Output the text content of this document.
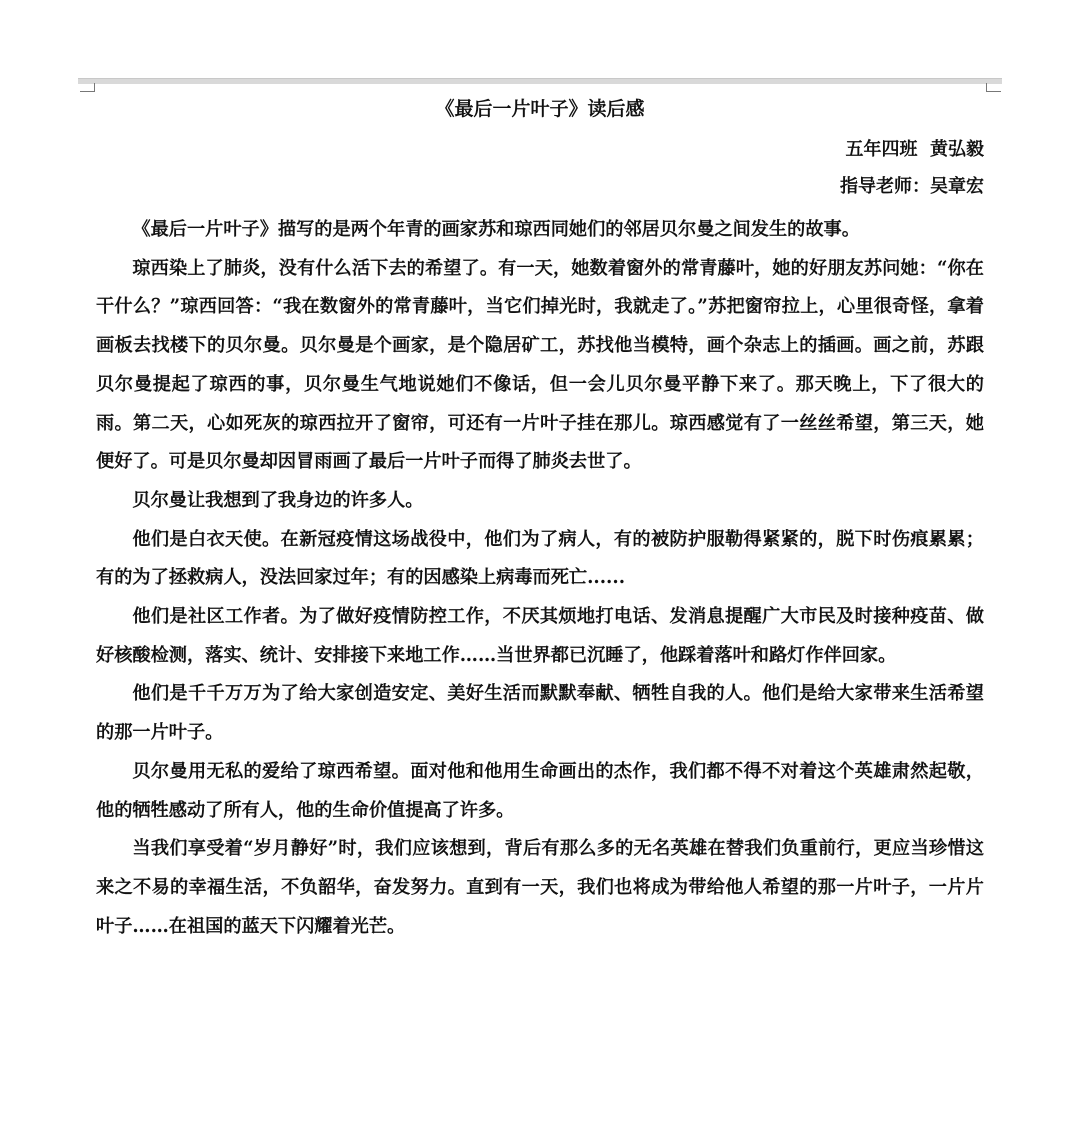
《最后一片叶子》读后感
五年四班  黄弘毅
指导老师：吴章宏

《最后一片叶子》描写的是两个年青的画家苏和琼西同她们的邻居贝尔曼之间发生的故事。

琼西染上了肺炎，没有什么活下去的希望了。有一天，她数着窗外的常青藤叶，她的好朋友苏问她：“你在干什么？”琼西回答：“我在数窗外的常青藤叶，当它们掉光时，我就走了。”苏把窗帘拉上，心里很奇怪，拿着画板去找楼下的贝尔曼。贝尔曼是个画家，是个隐居矿工，苏找他当模特，画个杂志上的插画。画之前，苏跟贝尔曼提起了琼西的事，贝尔曼生气地说她们不像话，但一会儿贝尔曼平静下来了。那天晚上，下了很大的雨。第二天，心如死灰的琼西拉开了窗帘，可还有一片叶子挂在那儿。琼西感觉有了一丝丝希望，第三天，她便好了。可是贝尔曼却因冒雨画了最后一片叶子而得了肺炎去世了。

贝尔曼让我想到了我身边的许多人。

他们是白衣天使。在新冠疫情这场战役中，他们为了病人，有的被防护服勒得紧紧的，脱下时伤痕累累；有的为了拯救病人，没法回家过年；有的因感染上病毒而死亡......

他们是社区工作者。为了做好疫情防控工作，不厌其烦地打电话、发消息提醒广大市民及时接种疫苗、做好核酸检测，落实、统计、安排接下来地工作……当世界都已沉睡了，他踩着落叶和路灯作伴回家。

他们是千千万万为了给大家创造安定、美好生活而默默奉献、牺牲自我的人。他们是给大家带来生活希望的那一片叶子。

贝尔曼用无私的爱给了琼西希望。面对他和他用生命画出的杰作，我们都不得不对着这个英雄肃然起敬，他的牺牲感动了所有人，他的生命价值提高了许多。

当我们享受着“岁月静好”时，我们应该想到，背后有那么多的无名英雄在替我们负重前行，更应当珍惜这来之不易的幸福生活，不负韶华，奋发努力。直到有一天，我们也将成为带给他人希望的那一片叶子，一片片叶子……在祖国的蓝天下闪耀着光芒。
